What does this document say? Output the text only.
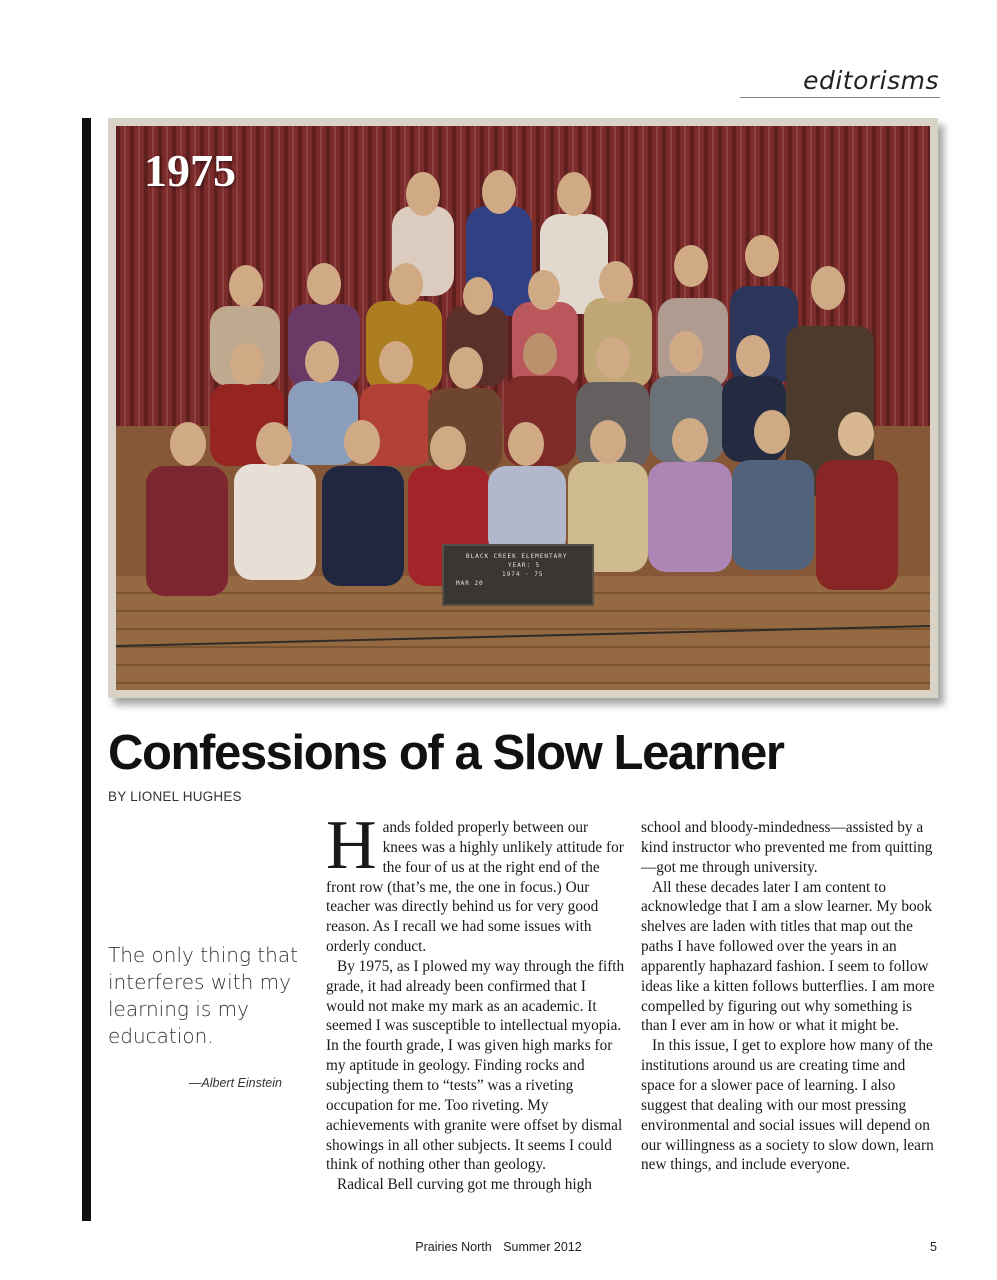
editorisms
1975
BLACK CREEK ELEMENTARY
YEAR: 5
1974 · 75
MAR 20
Confessions of a Slow Learner
BY LIONEL HUGHES
The only thing that interferes with my learning is my education.
—Albert Einstein

Hands folded properly between our knees was a highly unlikely attitude for the four of us at the right end of the front row (that’s me, the one in focus.) Our teacher was directly behind us for very good reason. As I recall we had some issues with orderly conduct.

By 1975, as I plowed my way through the fifth grade, it had already been confirmed that I would not make my mark as an academic. It seemed I was susceptible to intellectual myopia. In the fourth grade, I was given high marks for my aptitude in geology. Finding rocks and subjecting them to “tests” was a riveting occupation for me. Too riveting. My achievements with granite were offset by dismal showings in all other subjects. It seems I could think of nothing other than geology.

Radical Bell curving got me through high

school and bloody-mindedness—assisted by a kind instructor who prevented me from quitting—got me through university.

All these decades later I am content to acknowledge that I am a slow learner. My book shelves are laden with titles that map out the paths I have followed over the years in an apparently haphazard fashion. I seem to follow ideas like a kitten follows butterflies. I am more compelled by figuring out why something is than I ever am in how or what it might be.

In this issue, I get to explore how many of the institutions around us are creating time and space for a slower pace of learning. I also suggest that dealing with our most pressing environmental and social issues will depend on our willingness as a society to slow down, learn new things, and include everyone.

Prairies North Summer 2012	5
